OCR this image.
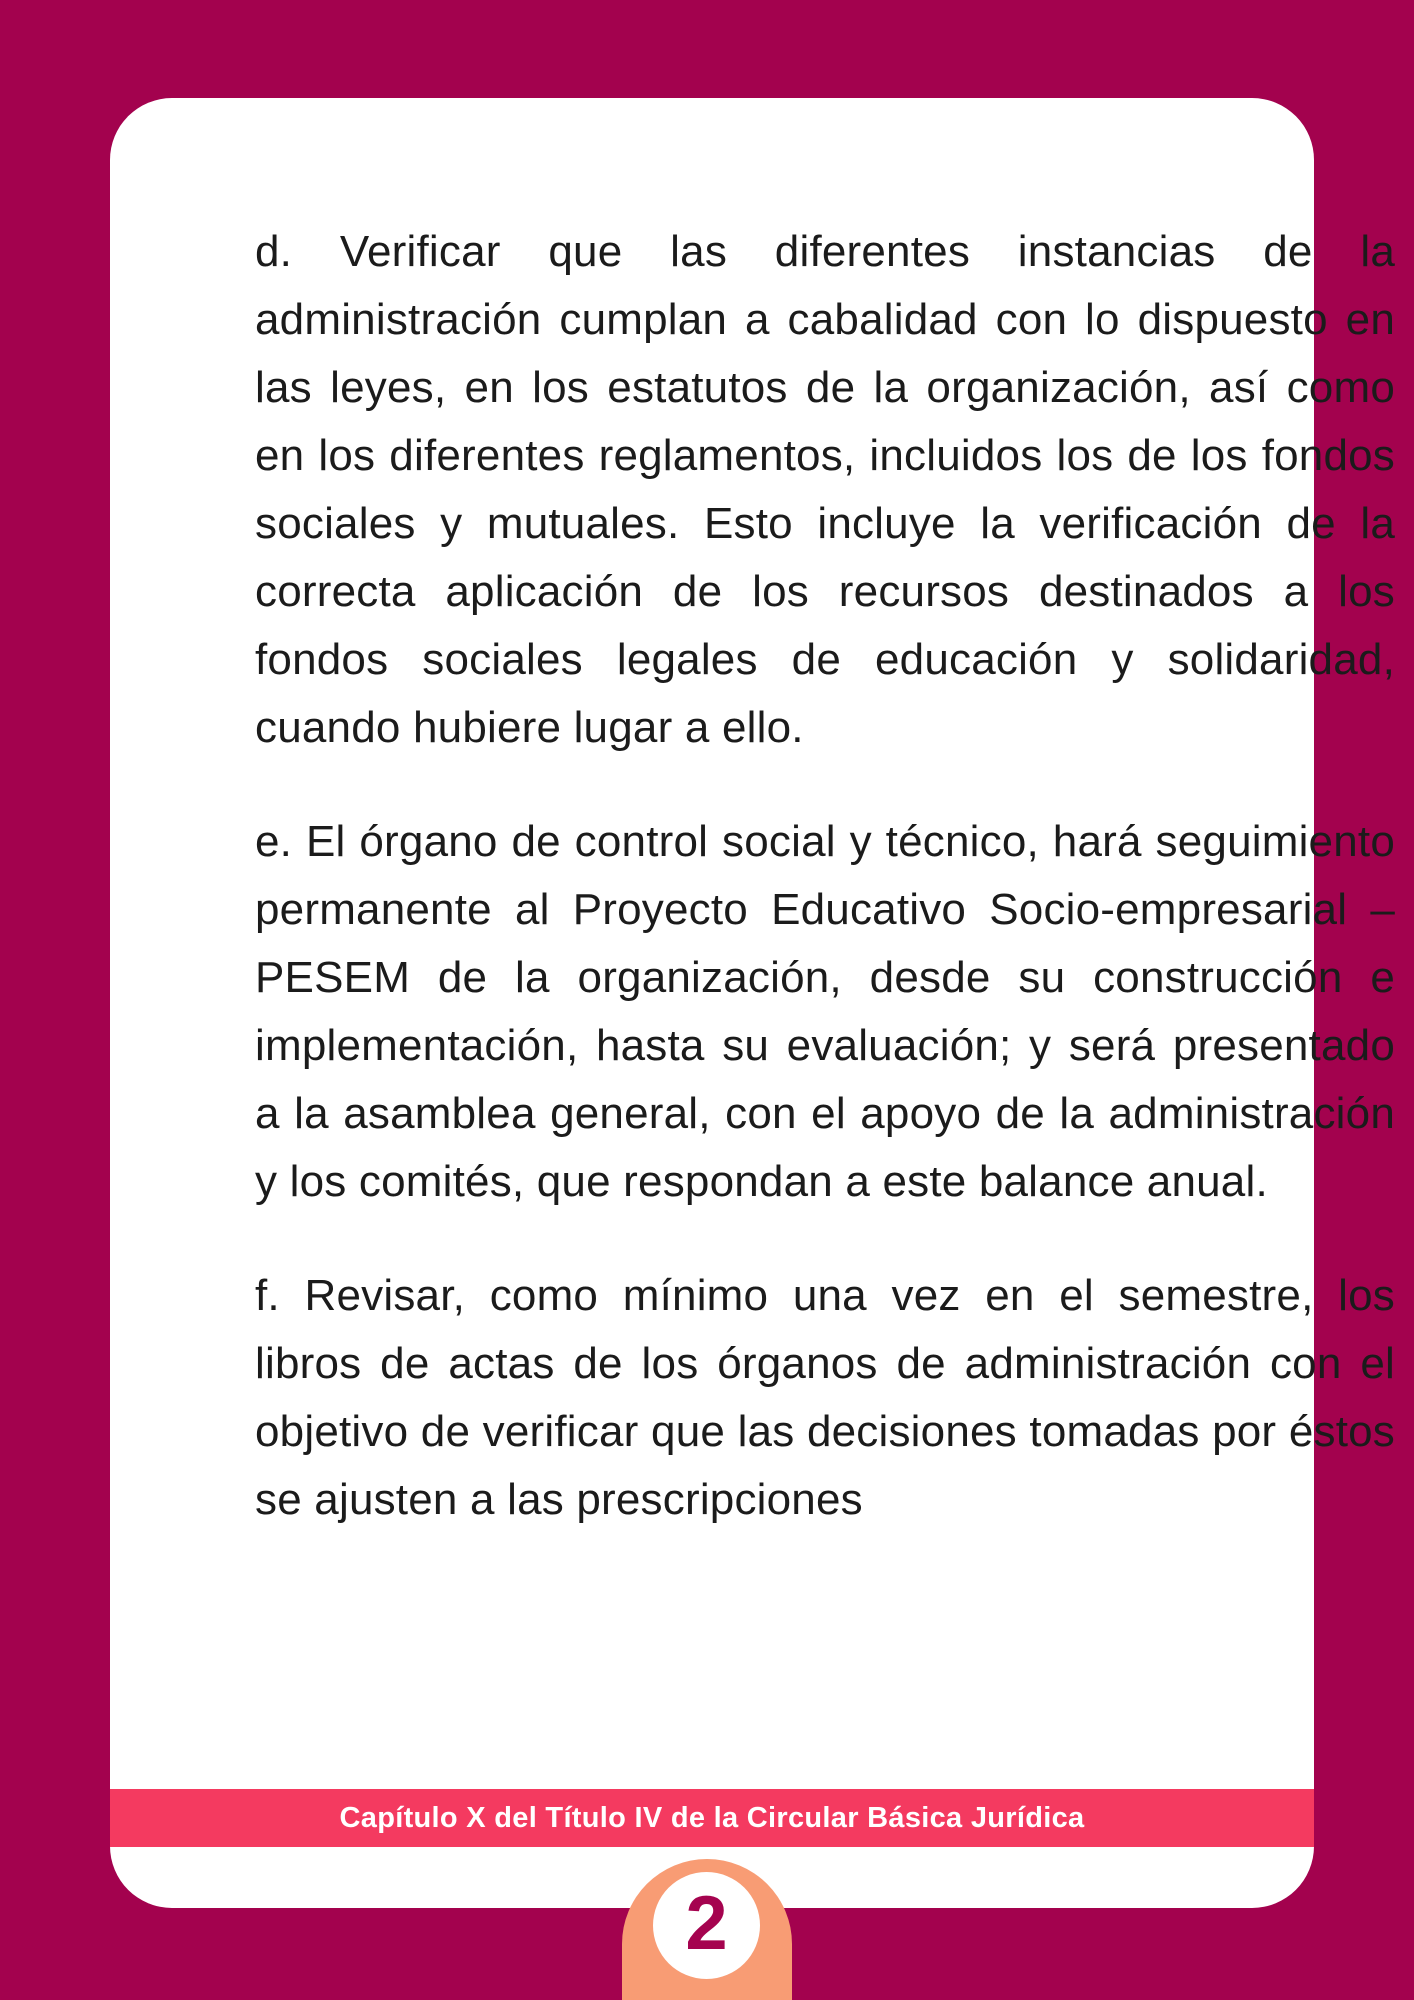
d. Verificar que las diferentes instancias de la administración cumplan a cabalidad con lo dispuesto en las leyes, en los estatutos de la organización, así como en los diferentes reglamentos, incluidos los de los fondos sociales y mutuales. Esto incluye la verificación de la correcta aplicación de los recursos destinados a los fondos sociales legales de educación y solidaridad, cuando hubiere lugar a ello.

e. El órgano de control social y técnico, hará seguimiento permanente al Proyecto Educativo Socio-empresarial – PESEM de la organización, desde su construcción e implementación, hasta su evaluación; y será presentado a la asamblea general, con el apoyo de la administración y los comités, que respondan a este balance anual.

f. Revisar, como mínimo una vez en el semestre, los libros de actas de los órganos de administración con el objetivo de verificar que las decisiones tomadas por éstos se ajusten a las prescripciones

Capítulo X del Título IV de la Circular Básica Jurídica
2
